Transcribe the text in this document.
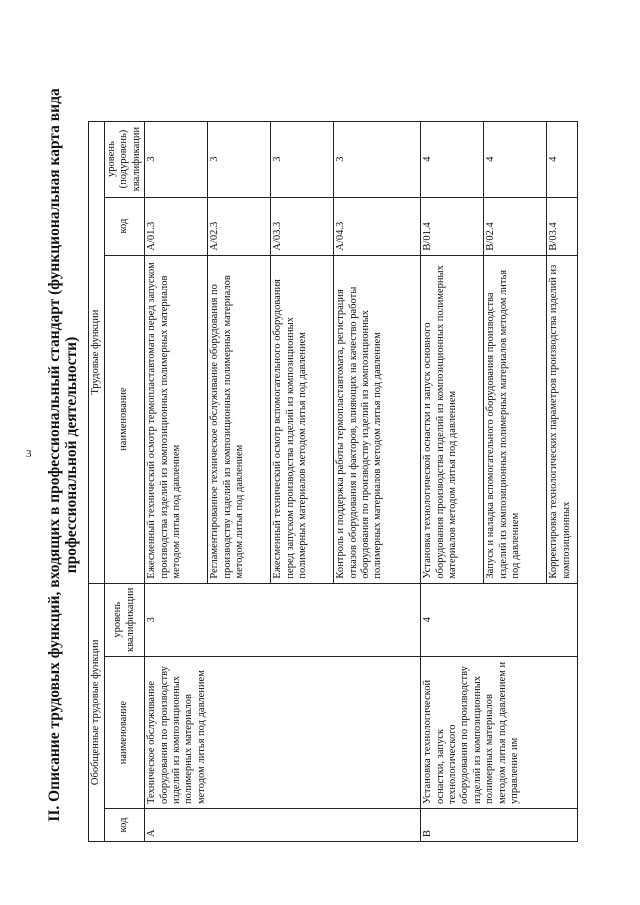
3 II. Описание трудовых функций, входящих в профессиональный стандарт (функциональная карта вида профессиональной деятельности)
Обобщенные трудовые функции			Трудовые функции		
код	наименование	уровень квалификации	наименование	код	уровень (подуровень) квалификации
A	Техническое обслуживание оборудования по производству изделий из композиционных полимерных материалов методом литья под давлением	3	Ежесменный технический осмотр термопластавтомата перед запуском производства изделий из композиционных полимерных материалов методом литья под давлением	A/01.3	3
			Регламентированное техническое обслуживание оборудования по производству изделий из композиционных полимерных материалов методом литья под давлением	A/02.3	3
			Ежесменный технический осмотр вспомогательного оборудования перед запуском производства изделий из композиционных полимерных материалов методом литья под давлением	A/03.3	3
			Контроль и поддержка работы термопластавтомата, регистрация отказов оборудования и факторов, влияющих на качество работы оборудования по производству изделий из композиционных полимерных материалов методом литья под давлением	A/04.3	3
B	Установка технологической оснастки, запуск технологического оборудования по производству изделий из композиционных полимерных материалов методом литья под давлением и управление им	4	Установка технологической оснастки и запуск основного оборудования производства изделий из композиционных полимерных материалов методом литья под давлением	B/01.4	4
			Запуск и наладка вспомогательного оборудования производства изделий из композиционных полимерных материалов методом литья под давлением	B/02.4	4
			Корректировка технологических параметров производства изделий из композиционных	B/03.4	4
